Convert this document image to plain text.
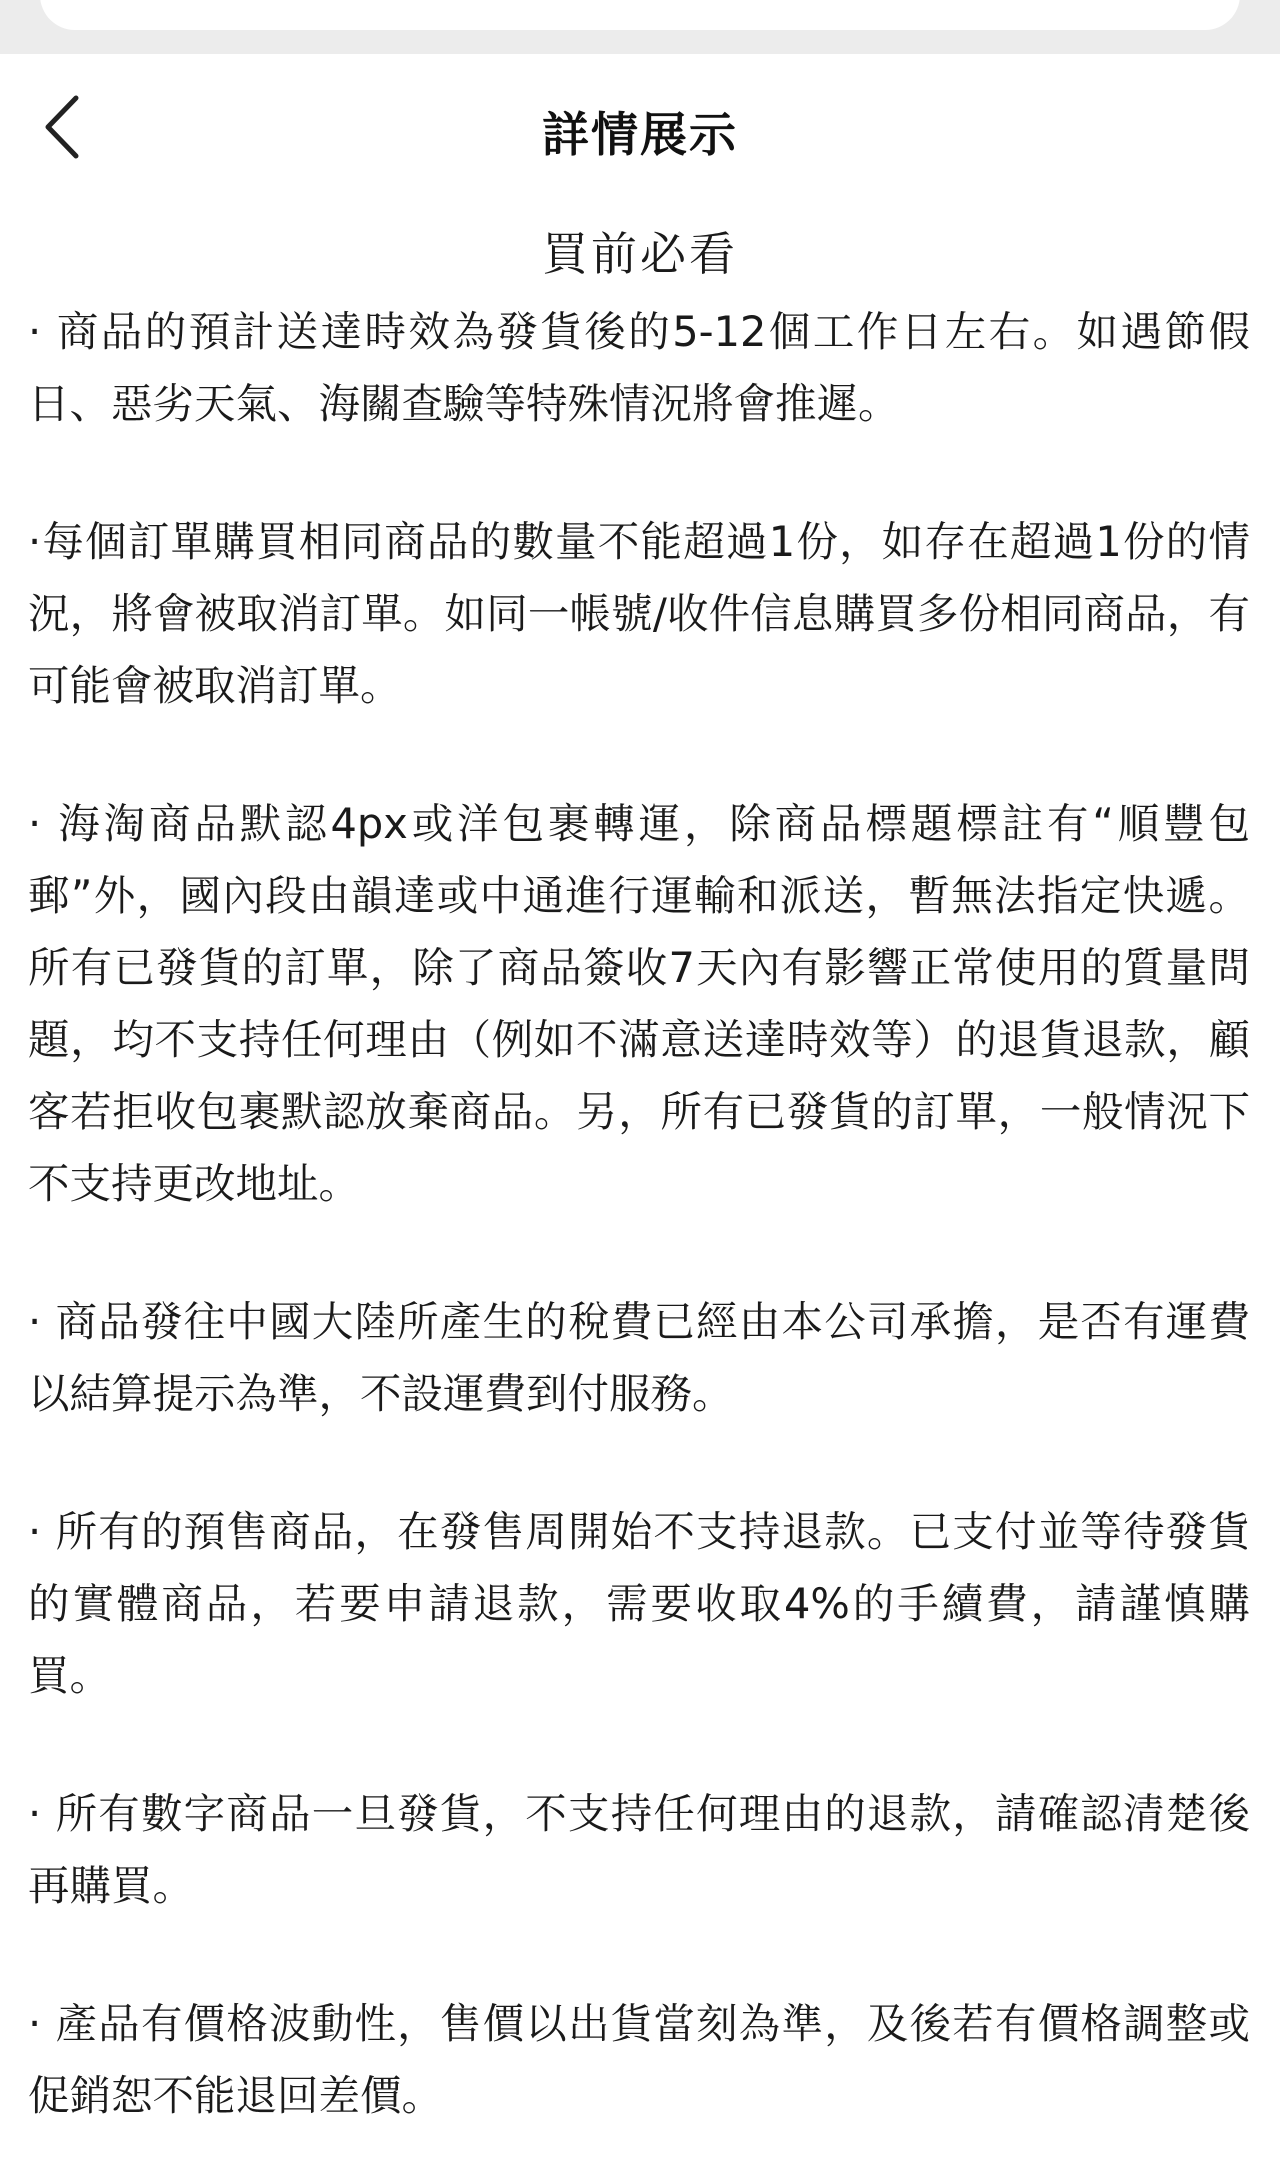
詳情展示
買前必看

· 商品的預計送達時效為發貨後的5-12個工作日左右。如遇節假日、惡劣天氣、海關查驗等特殊情況將會推遲。

·每個訂單購買相同商品的數量不能超過1份，如存在超過1份的情況，將會被取消訂單。如同一帳號/收件信息購買多份相同商品，有可能會被取消訂單。

· 海淘商品默認4px或洋包裹轉運，除商品標題標註有“順豐包郵”外，國內段由韻達或中通進行運輸和派送，暫無法指定快遞。所有已發貨的訂單，除了商品簽收7天內有影響正常使用的質量問題，均不支持任何理由（例如不滿意送達時效等）的退貨退款，顧客若拒收包裹默認放棄商品。另，所有已發貨的訂單，一般情況下不支持更改地址。

· 商品發往中國大陸所產生的稅費已經由本公司承擔，是否有運費以結算提示為準，不設運費到付服務。

· 所有的預售商品，在發售周開始不支持退款。已支付並等待發貨的實體商品，若要申請退款，需要收取4%的手續費，請謹慎購買。

· 所有數字商品一旦發貨，不支持任何理由的退款，請確認清楚後再購買。

· 產品有價格波動性，售價以出貨當刻為準，及後若有價格調整或促銷恕不能退回差價。
